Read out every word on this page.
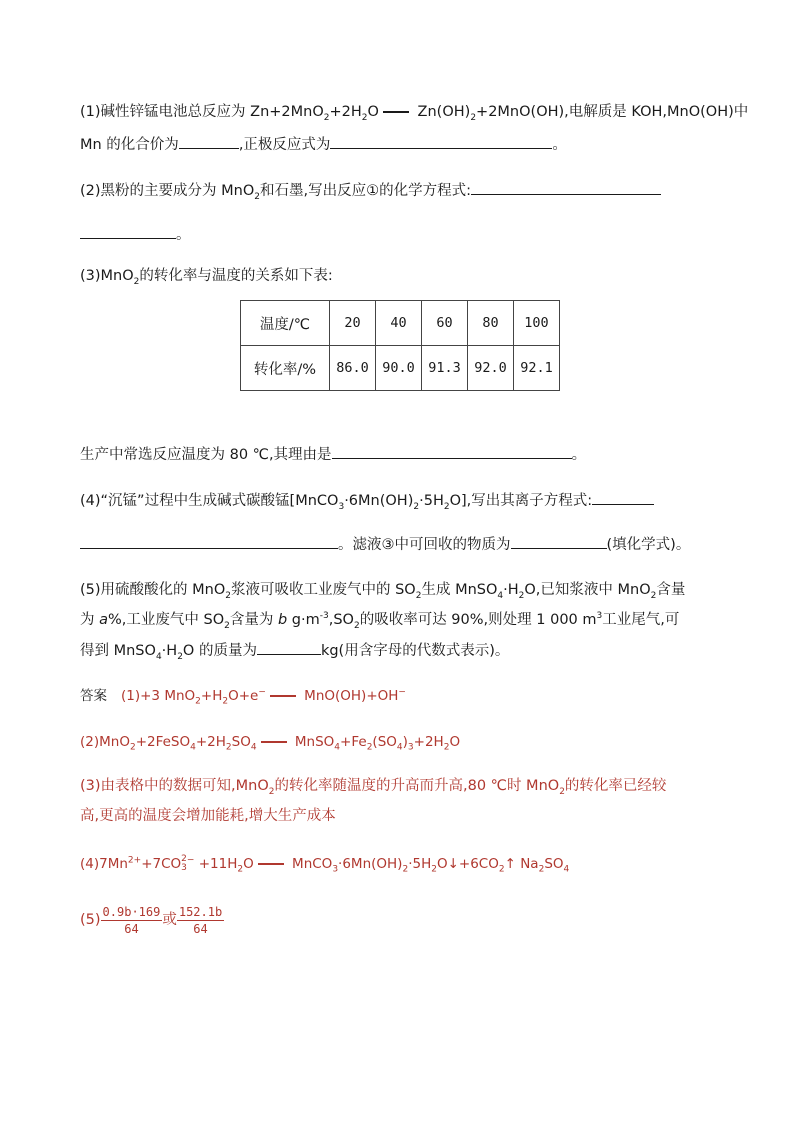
(1)碱性锌锰电池总反应为 $Zn+2MnO_2+2H_2O$ $Zn(OH)_2+2MnO(OH)$,电解质是 KOH,MnO(OH)中
Mn 的化合价为	,正极反应式为	。
(2)黑粉的主要成分为 MnO$_2$和石墨,写出反应①的化学方程式:
。
(3)MnO$_2$的转化率与温度的关系如下表:
温度/℃	20	40	60	80	100
转化率/%	86.0	90.0	91.3	92.0	92.1
生产中常选反应温度为 80 ℃,其理由是	。
(4)“沉锰”过程中生成碱式碳酸锰$[MnCO_3\cdot 6Mn(OH)_2\cdot 5H_2O]$,写出其离子方程式:
。滤液③中可回收的物质为	(填化学式)。
(5)用硫酸酸化的 MnO$_2$浆液可吸收工业废气中的 $SO_2$生成 $MnSO_4\cdot H_2O$,已知浆液中 MnO$_2$含量
为 a%,工业废气中 $SO_2$含量为 b $g\cdot m^{-3},SO_2$的吸收率可达 90%,则处理 1 000 $m^3$工业尾气,可
得到 $MnSO_4\cdot H_2O$ 的质量为	kg(用含字母的代数式表示)。
答案 (1)+3 $MnO_2+H_2O+e^-$	MnO(OH)+OH−
$(2)MnO_2+2FeSO_4+2H_2SO_4$	$MnSO_4+Fe_2(SO_4)_3+2H_2O$
(3)由表格中的数据可知,MnO$_2$的转化率随温度的升高而升高,80 ℃时 MnO$_2$的转化率已经较
高,更高的温度会增加能耗,增大生产成本
$(4)7Mn^{2+}+7CO2$
$3^- +11H_2O$	$MnCO_3\cdot 6Mn(OH)_2\cdot 5H_2O↓+6CO_2↑$ $Na_2SO_4$
$(5) \frac{0.9b\cdot 169}{64}$ 或 $\frac{152.1b}{64}$
